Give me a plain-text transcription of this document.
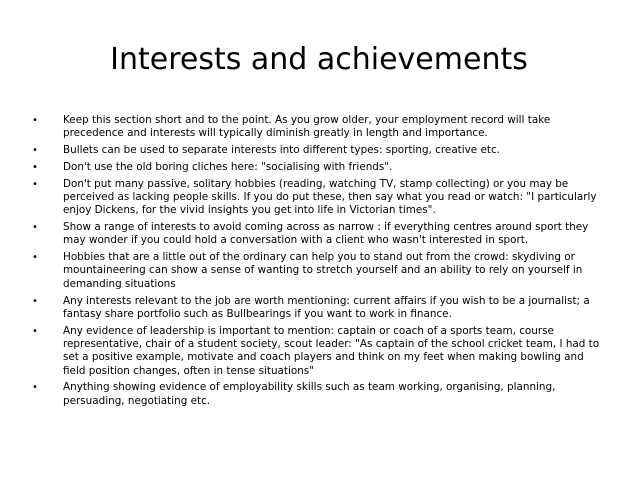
Interests and achievements
• Keep this section short and to the point. As you grow older, your employment record will take precedence and interests will typically diminish greatly in length and importance.
• Bullets can be used to separate interests into different types: sporting, creative etc.
• Don't use the old boring cliches here: "socialising with friends".
• Don't put many passive, solitary hobbies (reading, watching TV, stamp collecting) or you may be perceived as lacking people skills. If you do put these, then say what you read or watch: "I particularly enjoy Dickens, for the vivid insights you get into life in Victorian times".
• Show a range of interests to avoid coming across as narrow : if everything centres around sport they may wonder if you could hold a conversation with a client who wasn't interested in sport.
• Hobbies that are a little out of the ordinary can help you to stand out from the crowd: skydiving or mountaineering can show a sense of wanting to stretch yourself and an ability to rely on yourself in demanding situations
• Any interests relevant to the job are worth mentioning: current affairs if you wish to be a journalist; a fantasy share portfolio such as Bullbearings if you want to work in finance.
• Any evidence of leadership is important to mention: captain or coach of a sports team, course representative, chair of a student society, scout leader: "As captain of the school cricket team, I had to set a positive example, motivate and coach players and think on my feet when making bowling and field position changes, often in tense situations"
• Anything showing evidence of employability skills such as team working, organising, planning, persuading, negotiating etc.
